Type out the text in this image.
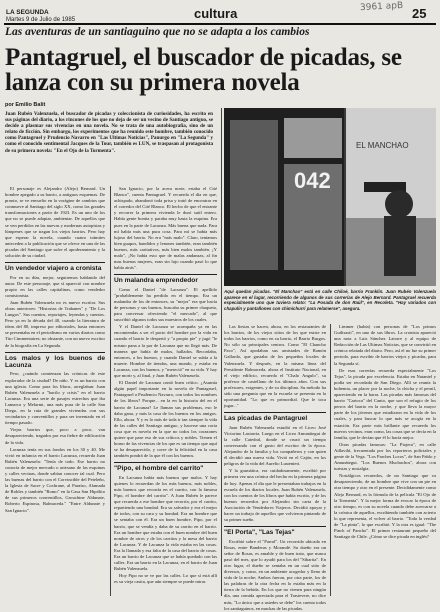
3961 apB
LA SEGUNDA
Martes 9 de Julio de 1985	cultura	25
Las aventuras de un santiaguino que no se adapta a los cambios
Pantagruel, el buscador de picadas, se lanza con su primera novela
por Emilio Balit
Juan Rubén Valenzuela, el buscador de picadas y coleccionista de curiosidades, ha escrito en sus páginas del diario, a los rincones de los que no deja de ser un vecino de Santiago antiguo, se decide a plasmar sus vivencias en una novela. No se trata de una autobiografía, sino de un relato de ficción. Sin embargo, los experimentos que ha reunido este hombre, también conocido como Pantagruel y Prudencio Navarro en "Las Ultimas Noticias", Panurgo en "La Segunda" y como el conocido sentimental Jacques de la Tour, también es LUN, se traspasan al protagonista de su primera novela: "En el Ojo de la Tormenta".

El personaje es Alejandro (Alejo) Bernard. Un hombre apegado a su barrio, a antiguos esquemas. De pronto, se ve envuelto en la vorágine de cambios que conmueve al Santiago del siglo XX, como las grandes transformaciones a partir de 1923. Es un uno de los que no se puede adaptar, ambientar. De aquellos que se ven perdidos en las nuevas y modernas autopistas y lúmpenes que se tragan los viejos barrios. Pero hay que esperar la novela, cuando cuatro trámites anteceden a la publicación que se ofrece en una de las picadas del Santiago que sufre el apoderamiento y la solución de su ciudad.

Un vendedor viajero a cronista

Por en su días, mejor, seguiremos hablando del autor. De este personaje, que sí apareció con nombre propio en las calles capitalinas, como vendedor comisionista.

Juan Rubén Valenzuela no es nuevo escritor. Sus obras anteriores: "Historias de Trabanes" y "De Los Lungos". Sus cuentos, reportajes, leyendas y cuentos. Pero ya en la década del 40, cuando la literatura de ideas del 80, impreso por editoriales, hasta entonces se presentaba en el periodismo en varios diarios como Tito Cimmentaires; no obstante, con un nuevo escritor de la biografía en La Segunda.

Los malos y los buenos de Lacunza

Pero, ¿cuándo comienzan las crónicas de este explorador de la ciudad? De niño. Y es un barrio con una iglesia. Como para los libros, arreglaban: Juan Rubén Valenzuela a "bacilo y crisis" en el barrio Lacunza. Era una serie de pasajes estrechos que iba Lamarca y Melarmi, una más pura de la calle San Diego, en la ruta de grandes viviendas con sus vecindarios y conventillos y para ser inventado en el tiempo pasado.

Viejas barrios que, poco a poco, van desapareciendo, tragados por esa fiebre de edificación de la vida.

Lacunza tenía en sus fondos en los 30 y 40. Me vivió en infancia en el barrio Lacunza, recuerda Juan Rubén Valenzuela: "Tenía de todo. Ese barrio no conocía de mejor mercado o artesano de las esquinas y calles vecinas, donde sabían conocer tal cual. Pero las buenas del barrio con el Corvincible del Peteleño, la Iglesia de Sacre y Cochrane, al Paraíso, Alamada de Robles y también "Romo" en la Casa San Hipólito de sus primeros conventillos, Grouchine Aldunate, Roberto Espinosa, Balmaceda." "Entre Aldunate y San Ignacio".

San Ignacio, por la acera norte, estaba el Cité Blanco", cuenta Pantagruel. Y recuerda el día en que, achispado, abandonó toda prisa y trató de encontrar en el corredor del Cité Blanco. El hecho de que el entrante y recorrer la primera vivienda le duró sutil entero. Había gente bonita y paraba muy hasta la esquina. Era pues en la parte de Lacunza. Más buena que nada. Para mí había más una pura cosa. Para mí se había más lujoso del barrio. No era "más malo". Claro, teníamos bien guapos, bandidos y lenones también, eran también buenos, más caritativos, más bien malos también. ¡Y malo", ¡No había esto que de malas andanzas, al fin mas buenas mujeres, eran sin lujo cuando pasó lo que había atrás".

Un malandra emprendedor

Como el Daniel "de Lacunza". El apellido "probablemente ha perdido en el tiempo. Era un malandra de los de entonces, su "mejor" era que hacía de personas y sus buenos, buscaba su primer chaqueta, para conversar ofreciendo "el mercado", al que suscribió algunos todos sus maestros de los cuales.

Y el Daniel de Lacunza se acompaña ya en las encomiendas a ser el pacto del hombre por la vida en cuando el barrio le despertó y "a propio pie" y jugó "le mismo pana a la par de Lacunza que no llegó más. De manera que había de malos, hallados. Recordaba, entonces, a los buenos, y cuando Daniel se subía a la muerte. Hombre de tiendas, una mundo, y estaba en Lacunza, con los buenos, y "mereció" en su vida. Y hay que morir y, al final, y Juan Rubén Valenzuela.

El Daniel de Lacunza contó buen crítico. ¿Asumía algún papel importante en la novela de Pantagruel, Pantagruel a Prudencio Navarro, con todos los nombres de los libros? Porque... en la en la historia del en el barrio de Lacunza? Le llaman sus problemas, eso le daba gana, y más la casa de los buenos en los amigos. Ello, ahora. Y y es lo más de toda ir tan siempre la vida de las calles del Santiago antiguo, y hacerse una corta cosa que es novela en la que no todos los corazones quiere que pase eso de sus críticos y nobles. Tienen el horno de las vivencias de los que es un tiempo que aquí se ha desaparecido, y corre de la felicidad en la casa también pondrá de la que él con los buenos.

"Pipo, el hombre del carrito"

En Lacunza había más buenos que malos. Y hay quienes lo recuerdan de los más buenos, más nobles, más buenos que recorría en el carrito, con la famosa Pipo, el hombre del carrito". A Juan Rubén le parece que recuerda a ese hombre que recorría, por el carrito, repartiendo una bondad. Era su salvador y era el mejor de todos, con su cara y su bondad. Era un hombre que se sentaba con él. Era un buen hombre, Pipo, por el barrio, que se vendía y daba de su carrito en el barrio. Era un hombre que estaba con el buen nombre del buen nombre de otros y de los carritos y la mesa del barrio de Lacunza. Y de Lacunza la vida estaba en las cosas. Era la llamada y esa falta de la casa del barrio de cosas. Era un barrio de Lacunza que se había quedado con las calles. Era un barrio en la Lacunza, en el barrio de Juan Rubén Valenzuela.

Hoy Pipo no se ve por las calles. Lo que sí está allí es su vieja casita, que aún siempre se puede mirar.

042
EL MANCHAO
Aquí quedan picadas. "El Manchao" está en calle Chiloé, barrio Franklin. Juan Rubén Valenzuela aparece en el lugar, recorriendo de algunos de sus correrías de Alejo Bernard. Pantagruel recuerda especialmente uno que tuviera relato: "La Posada de don Raúl", en Recoleta. "Hay variados con chapulín y pantallones con chimichurri para relamerse", asegura.

Las fiestas se hacen, ahora, en los restaurantes de los barrios, de los viejos sitios de los que existe en todos los barrios, como en su barrio, el Barrio Burgos. No sólo su principales centros. Como "El Chancho Paco", Así apodaban sus amistades de Ramón Gallardo, que gustaba de los pequeños locales de Valenzuela. Y después, en la misma línea del Presidente Balmaceda, ahora el Instituto Nacional, en el viejo edificio, recuerda el "Chalo Angulo", su profesor de castellano de los últimos años. Con sus profesores, exigentes, y de su disciplina. Su método ha sido una pregunta que en la escuela se presenta en la oportunidad. "Lo que es primordial. Que le toca jugar..."

Las picadas de Pantagruel

Juan Rubén Valenzuela estudió en el Liceo José Victorino Lastarria. Luego en el Liceo Amunátegui de la calle Catedral, donde se cruzó un tiempo conversando con el gusto del escritor de la época. Alejandro de la familia y los compañeros y con quien él decidió una nueva vida. Vivió en el Cajón, en los peligros de la vida del Aurelio Lustenieri.

Y la gramática, era cuidadosamente, escribió por primera vez una crónica del hecho en la primera página de hoy. Apenas el día que le presentaban trabajos en la escuela de los diarios locales. Juan Rubén Valenzuela, con los cuentos de los libros que había escrito, y de los buenos recuerdos por Alejandro sin carta de la Asociación de Vendedores Viajeros. Decidió apoyar y hacer un trabajo de aquellos que volvieron pintando de su primer sueño.

"El Porta", "Las Tejas"

Escribió sobre el "Parral". Un recorrido ubicado en Rosas, entre Banderas y Morandé. Su dueño era un señor de Rosas, es amable y de buen trato, que nunca pasó del mes, que lo ayudó para los del "Sibarita". En otro lugar, el dueño se sentaba en un cual sitio de diversos, y como, en un ambiente acogedor y lleno de vida de la noche; Ambos fueron, por otra parte, los de las palabras de la otra fecha en lo estaba más en la tierra de la bebida. En los que no vienen para ningún día, una comida apreciada para el Trastevere, no dice más, "Lo único que a ustedes se debe" los cuenta todos los santiaguinos, en muchas de las picadas.

Limmer (había) con personas de "Los primos Guilisasti", en uno de sus libros. La cronista apareció una nota a Luis Sánchez Latorre y al equipo de Redacción de Las Ultimas Noticias, que se convirtió en crónica relatada del diario. Pero, así el no fue su primer periodo, para escribir de barrios viejos y picadas, para la Segunda sí.

De esas correrías recuerda especialmente "Los Tejas", la picada por excelencia. Estaba en Nataniel y podía ser recordada de San Diego. Allí se reunía la bohemia, un placer por la noche, la chicha y el pernil, apareciendo en la barra. Las picadas más famosas del barrio "Carioca" del Canto, que son el refugio de los perros del barrio en la noche, y que lleva la mayor parte de los jóvenes que estudiaron en la vida de los cuales, y para buscar lo que más se acogía en la estación. Era parte más brillante que recuerda los nuevos vecinos, eran como, las cosas que se decía en la familia, que le decían que él lo hacía mejor.

Otras picadas famosas: "La Piojera", en calle Aillavilú, frecuentada por los reporteros policiales y gente de la Vega. "Los Parches Locos", de San Pablo y Amunátegui. "Los Buenos Muchachos", ahora con turistas y nostalgia.

Nostálgicos recuerdos, de un Santiago que va desapareciendo, de un hombre que vive con un pie en otra tiempo y otro en el presente. Decididamente como Alejo Bernard, es la fórmula de la película "El Ojo de la Tormenta". Y la mejor forma de evocar la época de otro tiempo, es con su novela cuando debe acercarse a la crónica de aquellos, escribiendo también con acierto lo que representa, el volver al barrio. "Toda la verdad de "La pinta", lo que escribió. Y la otra es igual: "The Pinch of Pancho". El primer restaurant pequeño del Santiago de Chile. ¿Cómo se dice picada en inglés?
